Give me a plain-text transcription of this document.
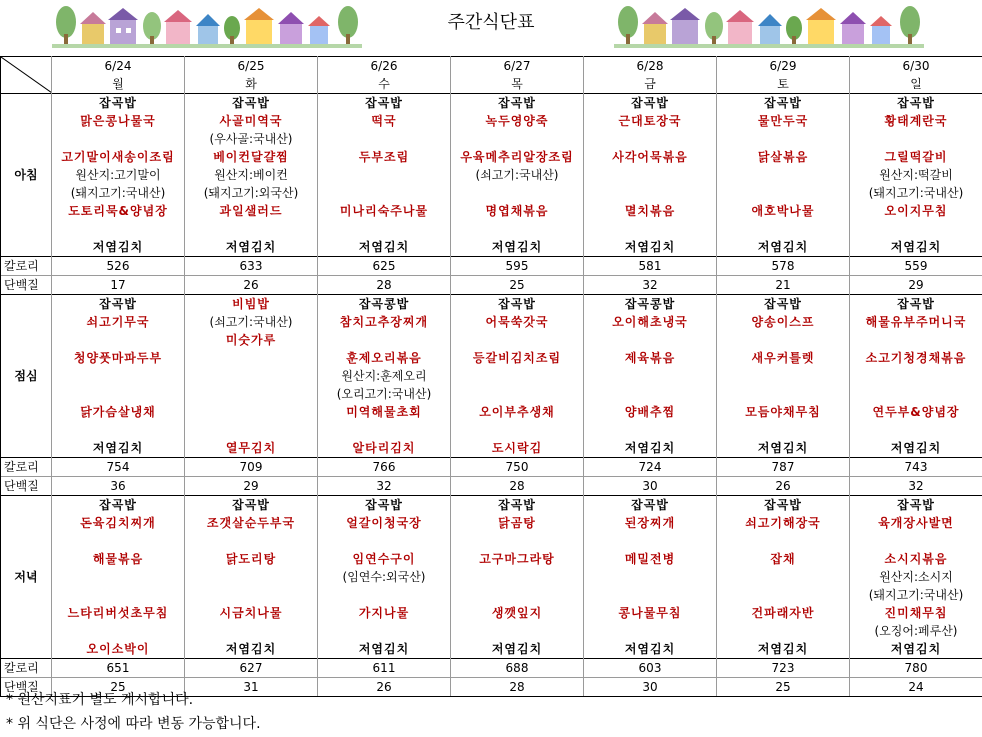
주간식단표
	6/24	6/25	6/26	6/27	6/28	6/29	6/30
	월	화	수	목	금	토	일
아침	잡곡밥	잡곡밥	잡곡밥	잡곡밥	잡곡밥	잡곡밥	잡곡밥
	맑은콩나물국	사골미역국	떡국	녹두영양죽	근대토장국	물만두국	황태계란국
		(우사골:국내산)					
	고기말이새송이조림	베이컨달걀찜	두부조림	우육메추리알장조림	사각어묵볶음	닭살볶음	그릴떡갈비
	원산지:고기말이	원산지:베이컨		(쇠고기:국내산)			원산지:떡갈비
	(돼지고기:국내산)	(돼지고기:외국산)					(돼지고기:국내산)
	도토리묵&양념장	과일샐러드	미나리숙주나물	명엽채볶음	멸치볶음	애호박나물	오이지무침

	저염김치	저염김치	저염김치	저염김치	저염김치	저염김치	저염김치
칼로리	526	633	625	595	581	578	559
단백질	17	26	28	25	32	21	29
점심	잡곡밥	비빔밥	잡곡콩밥	잡곡밥	잡곡콩밥	잡곡밥	잡곡밥
	쇠고기무국	(쇠고기:국내산)	참치고추장찌개	어묵쑥갓국	오이해초냉국	양송이스프	해물유부주머니국
		미숫가루					
	청양풋마파두부		훈제오리볶음	등갈비김치조림	제육볶음	새우커틀렛	소고기청경채볶음
			원산지:훈제오리				
			(오리고기:국내산)				
	닭가슴살냉채		미역해물초회	오이부추생채	양배추찜	모듬야채무침	연두부&양념장

	저염김치	열무김치	알타리김치	도시락김	저염김치	저염김치	저염김치
칼로리	754	709	766	750	724	787	743
단백질	36	29	32	28	30	26	32
저녁	잡곡밥	잡곡밥	잡곡밥	잡곡밥	잡곡밥	잡곡밥	잡곡밥
	돈육김치찌개	조갯살순두부국	얼갈이청국장	닭곰탕	된장찌개	쇠고기해장국	육개장사발면

	해물볶음	닭도리탕	임연수구이	고구마그라탕	메밀전병	잡채	소시지볶음
			(임연수:외국산)				원산지:소시지
							(돼지고기:국내산)
	느타리버섯초무침	시금치나물	가지나물	생깻잎지	콩나물무침	건파래자반	진미채무침
							(오징어:페루산)
	오이소박이	저염김치	저염김치	저염김치	저염김치	저염김치	저염김치
칼로리	651	627	611	688	603	723	780
단백질	25	31	26	28	30	25	24
* 원산지표기 별도 게시합니다.
* 위 식단은 사정에 따라 변동 가능합니다.
